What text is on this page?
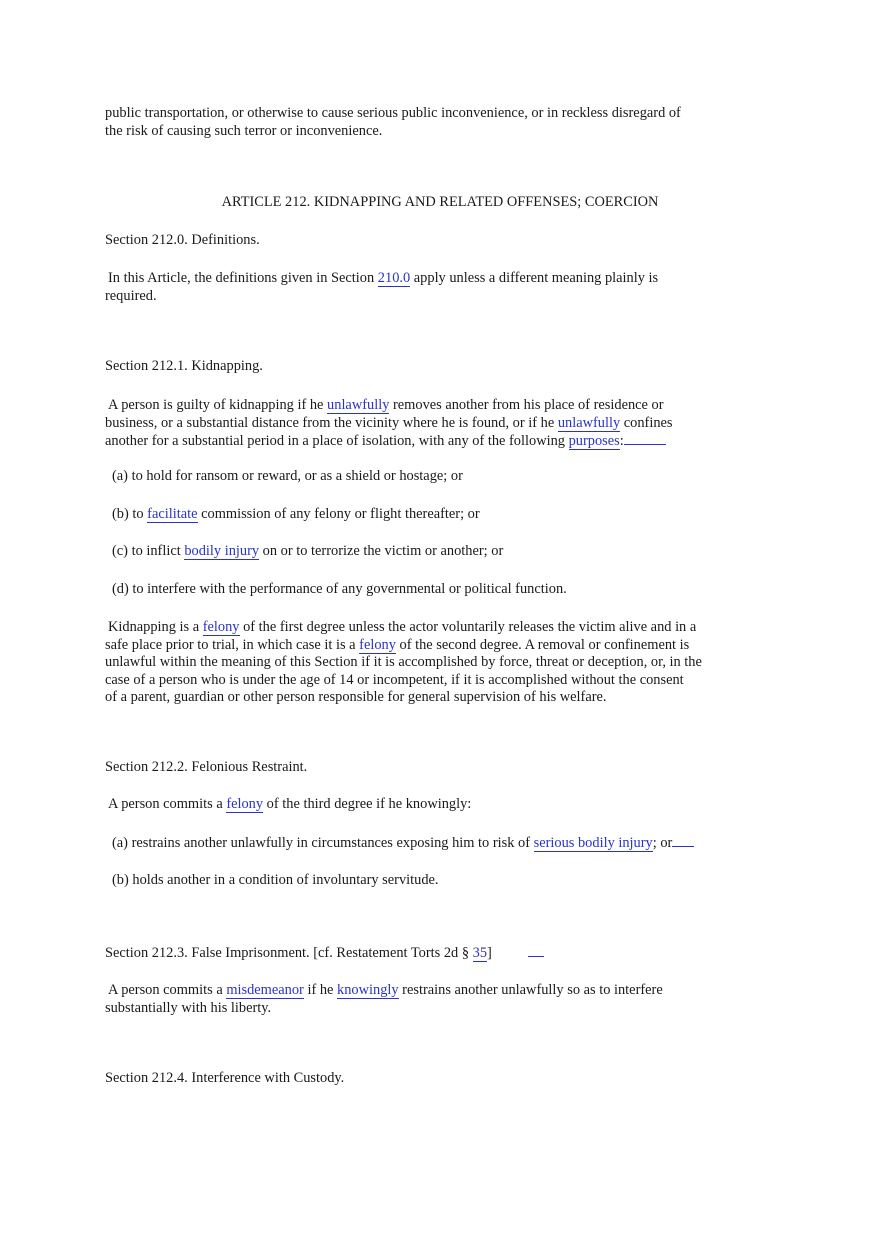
public transportation, or otherwise to cause serious public inconvenience, or in reckless disregard of
the risk of causing such terror or inconvenience.

ARTICLE 212. KIDNAPPING AND RELATED OFFENSES; COERCION

Section 212.0. Definitions.

In this Article, the definitions given in Section 210.0 apply unless a different meaning plainly is
required.

Section 212.1. Kidnapping.

A person is guilty of kidnapping if he unlawfully removes another from his place of residence or
business, or a substantial distance from the vicinity where he is found, or if he unlawfully confines
another for a substantial period in a place of isolation, with any of the following purposes:

(a) to hold for ransom or reward, or as a shield or hostage; or

(b) to facilitate commission of any felony or flight thereafter; or

(c) to inflict bodily injury on or to terrorize the victim or another; or

(d) to interfere with the performance of any governmental or political function.

Kidnapping is a felony of the first degree unless the actor voluntarily releases the victim alive and in a
safe place prior to trial, in which case it is a felony of the second degree. A removal or confinement is
unlawful within the meaning of this Section if it is accomplished by force, threat or deception, or, in the
case of a person who is under the age of 14 or incompetent, if it is accomplished without the consent
of a parent, guardian or other person responsible for general supervision of his welfare.

Section 212.2. Felonious Restraint.

A person commits a felony of the third degree if he knowingly:

(a) restrains another unlawfully in circumstances exposing him to risk of serious bodily injury; or

(b) holds another in a condition of involuntary servitude.

Section 212.3. False Imprisonment. [cf. Restatement Torts 2d § 35]

A person commits a misdemeanor if he knowingly restrains another unlawfully so as to interfere
substantially with his liberty.

Section 212.4. Interference with Custody.
